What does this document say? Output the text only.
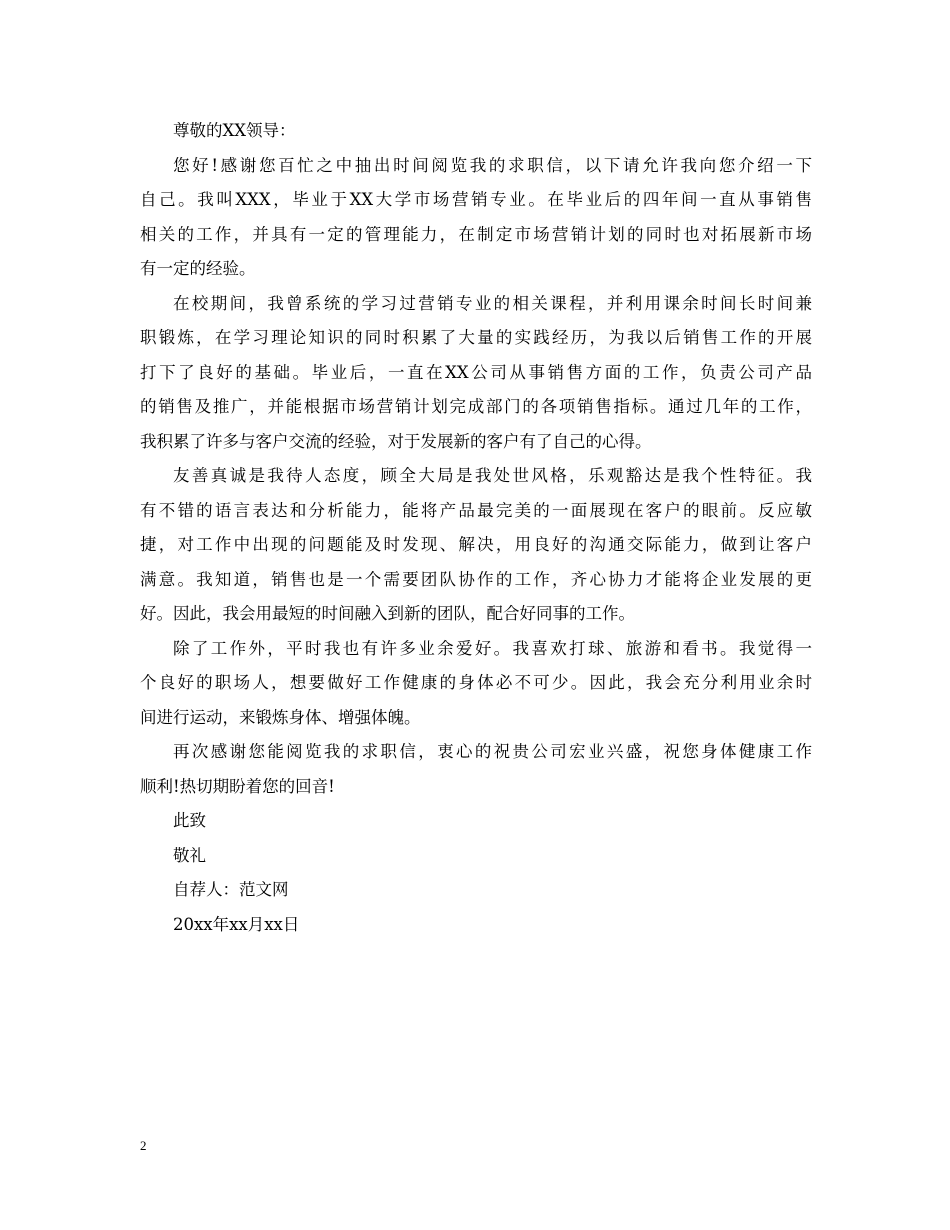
尊敬的XX领导：
您好!感谢您百忙之中抽出时间阅览我的求职信，以下请允许我向您介绍一下
自己。我叫XXX，毕业于XX大学市场营销专业。在毕业后的四年间一直从事销售
相关的工作，并具有一定的管理能力，在制定市场营销计划的同时也对拓展新市场
有一定的经验。
在校期间，我曾系统的学习过营销专业的相关课程，并利用课余时间长时间兼
职锻炼，在学习理论知识的同时积累了大量的实践经历，为我以后销售工作的开展
打下了良好的基础。毕业后，一直在XX公司从事销售方面的工作，负责公司产品
的销售及推广，并能根据市场营销计划完成部门的各项销售指标。通过几年的工作，
我积累了许多与客户交流的经验，对于发展新的客户有了自己的心得。
友善真诚是我待人态度，顾全大局是我处世风格，乐观豁达是我个性特征。我
有不错的语言表达和分析能力，能将产品最完美的一面展现在客户的眼前。反应敏
捷，对工作中出现的问题能及时发现、解决，用良好的沟通交际能力，做到让客户
满意。我知道，销售也是一个需要团队协作的工作，齐心协力才能将企业发展的更
好。因此，我会用最短的时间融入到新的团队，配合好同事的工作。
除了工作外，平时我也有许多业余爱好。我喜欢打球、旅游和看书。我觉得一
个良好的职场人，想要做好工作健康的身体必不可少。因此，我会充分利用业余时
间进行运动，来锻炼身体、增强体魄。
再次感谢您能阅览我的求职信，衷心的祝贵公司宏业兴盛，祝您身体健康工作
顺利!热切期盼着您的回音!
此致
敬礼
自荐人：范文网
20xx年xx月xx日
2
